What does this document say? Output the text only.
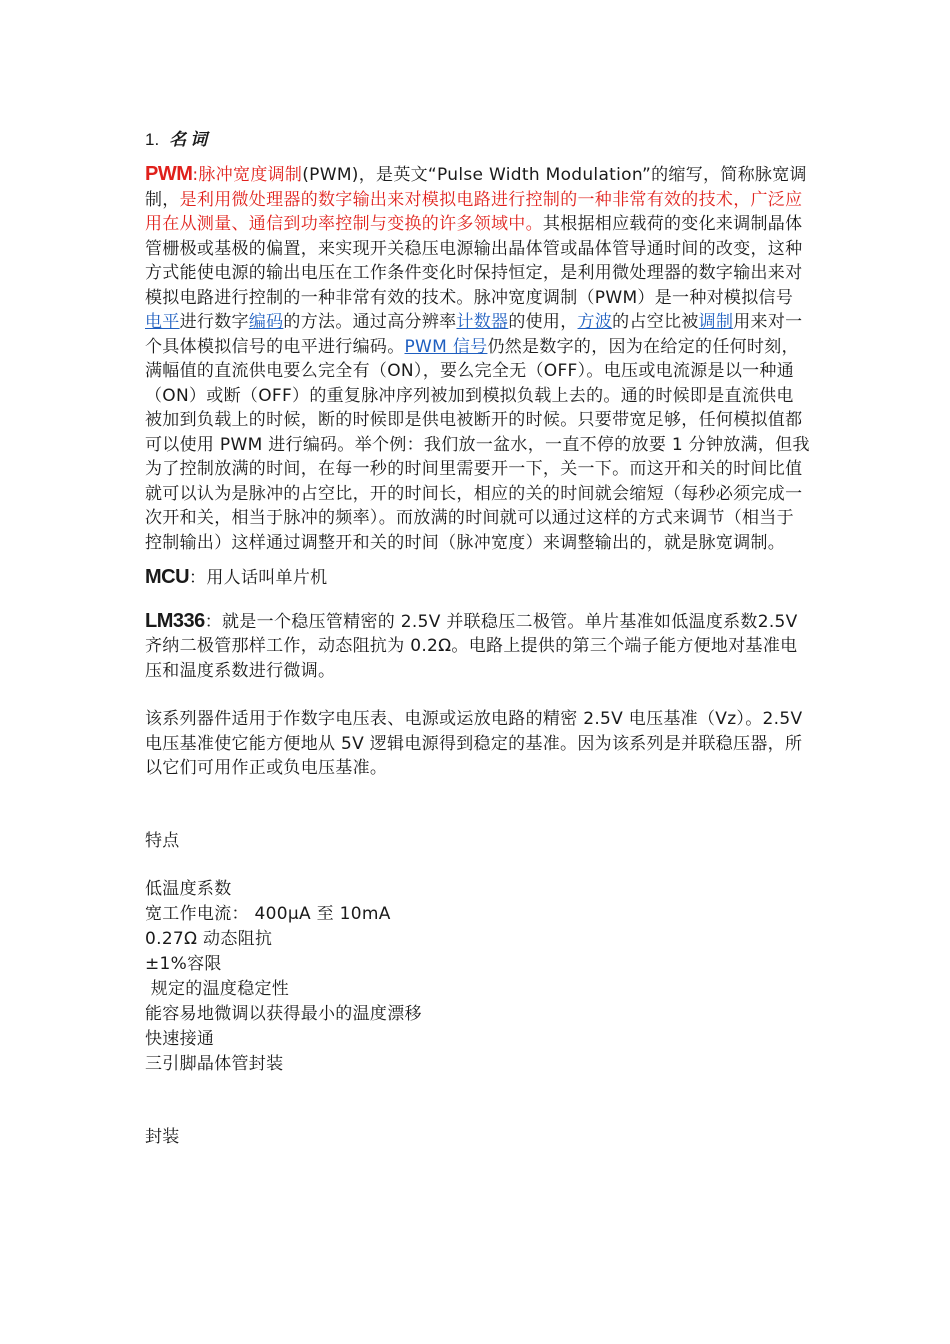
1. 名词

PWM:脉冲宽度调制(PWM)，是英文“Pulse Width Modulation”的缩写，简称脉宽调制，是利用微处理器的数字输出来对模拟电路进行控制的一种非常有效的技术，广泛应用在从测量、通信到功率控制与变换的许多领域中。其根据相应载荷的变化来调制晶体管栅极或基极的偏置，来实现开关稳压电源输出晶体管或晶体管导通时间的改变，这种方式能使电源的输出电压在工作条件变化时保持恒定，是利用微处理器的数字输出来对模拟电路进行控制的一种非常有效的技术。脉冲宽度调制（PWM）是一种对模拟信号电平进行数字编码的方法。通过高分辨率计数器的使用，方波的占空比被调制用来对一个具体模拟信号的电平进行编码。PWM 信号仍然是数字的，因为在给定的任何时刻，满幅值的直流供电要么完全有（ON），要么完全无（OFF）。电压或电流源是以一种通（ON）或断（OFF）的重复脉冲序列被加到模拟负载上去的。通的时候即是直流供电被加到负载上的时候，断的时候即是供电被断开的时候。只要带宽足够，任何模拟值都可以使用 PWM 进行编码。举个例：我们放一盆水，一直不停的放要 1 分钟放满，但我为了控制放满的时间，在每一秒的时间里需要开一下，关一下。而这开和关的时间比值就可以认为是脉冲的占空比，开的时间长，相应的关的时间就会缩短（每秒必须完成一次开和关，相当于脉冲的频率）。而放满的时间就可以通过这样的方式来调节（相当于控制输出）这样通过调整开和关的时间（脉冲宽度）来调整输出的，就是脉宽调制。

MCU：用人话叫单片机

LM336：就是一个稳压管精密的 2.5V 并联稳压二极管。单片基准如低温度系数2.5V 齐纳二极管那样工作，动态阻抗为 0.2Ω。电路上提供的第三个端子能方便地对基准电压和温度系数进行微调。

该系列器件适用于作数字电压表、电源或运放电路的精密 2.5V 电压基准（Vz）。2.5V 电压基准使它能方便地从 5V 逻辑电源得到稳定的基准。因为该系列是并联稳压器，所以它们可用作正或负电压基准。

特点

低温度系数

宽工作电流： 400μA 至 10mA

0.27Ω 动态阻抗

±1%容限

规定的温度稳定性

能容易地微调以获得最小的温度漂移

快速接通

三引脚晶体管封装

封装
